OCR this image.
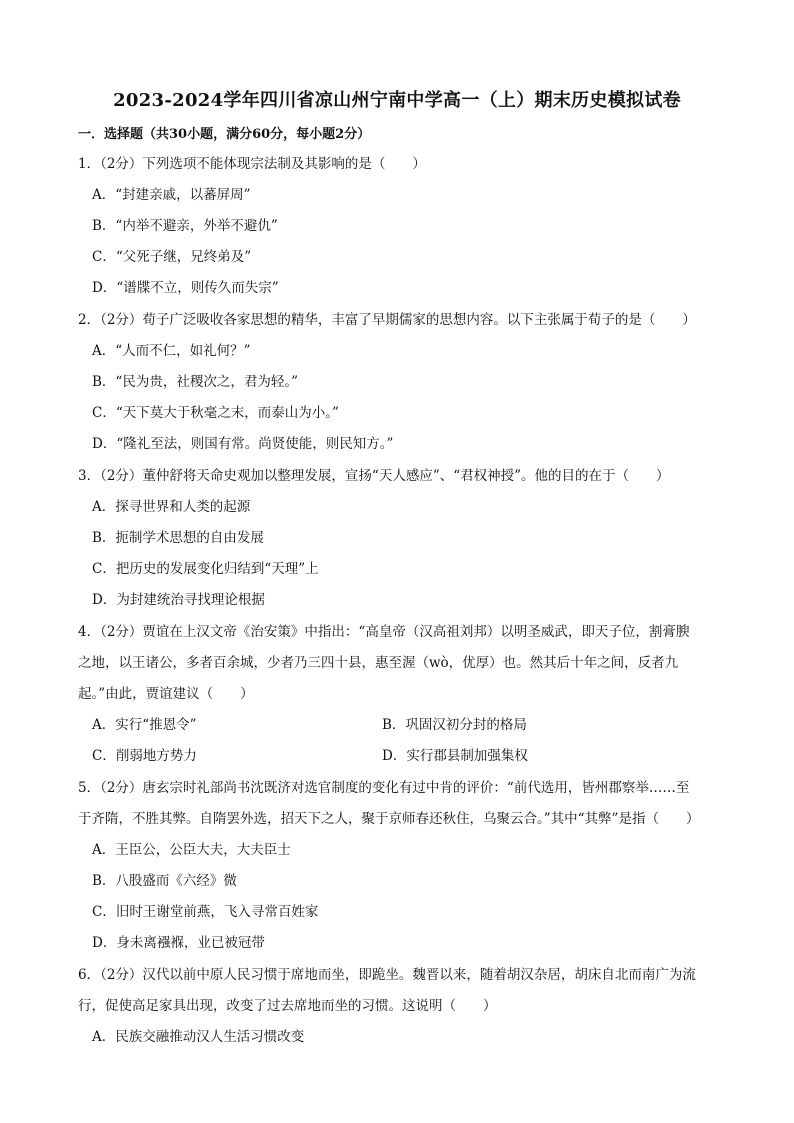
2023-2024学年四川省凉山州宁南中学高一（上）期末历史模拟试卷
一．选择题（共30小题，满分60分，每小题2分）
1．（2分）下列选项不能体现宗法制及其影响的是（　　）
A．“封建亲戚，以蕃屏周”
B．“内举不避亲，外举不避仇”
C．“父死子继，兄终弟及”
D．“谱牒不立，则传久而失宗”
2．（2分）荀子广泛吸收各家思想的精华，丰富了早期儒家的思想内容。以下主张属于荀子的是（　　）
A．“人而不仁，如礼何？”
B．“民为贵，社稷次之，君为轻。”
C．“天下莫大于秋毫之末，而泰山为小。”
D．“隆礼至法，则国有常。尚贤使能，则民知方。”
3．（2分）董仲舒将天命史观加以整理发展，宣扬“天人感应”、“君权神授”。他的目的在于（　　）
A．探寻世界和人类的起源
B．扼制学术思想的自由发展
C．把历史的发展变化归结到“天理”上
D．为封建统治寻找理论根据
4．（2分）贾谊在上汉文帝《治安策》中指出：“高皇帝（汉高祖刘邦）以明圣威武，即天子位，割膏腴
之地，以王诸公，多者百余城，少者乃三四十县，惠至渥（wò，优厚）也。然其后十年之间，反者九
起。”由此，贾谊建议（　　）
A．实行“推恩令”	B．巩固汉初分封的格局
C．削弱地方势力	D．实行郡县制加强集权
5．（2分）唐玄宗时礼部尚书沈既济对选官制度的变化有过中肯的评价：“前代选用，皆州郡察举……至
于齐隋，不胜其弊。自隋罢外选，招天下之人，聚于京师春还秋住，乌聚云合。”其中“其弊”是指（　　）
A．王臣公，公臣大夫，大夫臣士
B．八股盛而《六经》微
C．旧时王谢堂前燕，飞入寻常百姓家
D．身未离襁褓，业已被冠带
6．（2分）汉代以前中原人民习惯于席地而坐，即跪坐。魏晋以来，随着胡汉杂居，胡床自北而南广为流
行，促使高足家具出现，改变了过去席地而坐的习惯。这说明（　　）
A．民族交融推动汉人生活习惯改变
